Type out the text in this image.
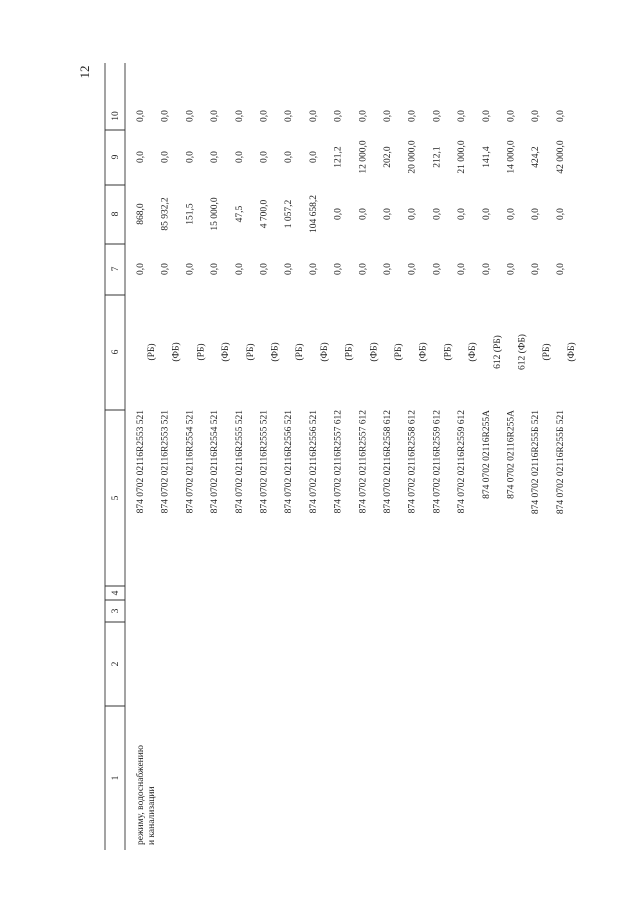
12
1
2
3
4
5
6
7
8
9
10
режиму, водоснабжению и канализации
874 0702 02116R2553 521
(РБ)
0,0
868,0
0,0
0,0
874 0702 02116R2553 521
(ФБ)
0,0
85 932,2
0,0
0,0
874 0702 02116R2554 521
(РБ)
0,0
151,5
0,0
0,0
874 0702 02116R2554 521
(ФБ)
0,0
15 000,0
0,0
0,0
874 0702 02116R2555 521
(РБ)
0,0
47,5
0,0
0,0
874 0702 02116R2555 521
(ФБ)
0,0
4 700,0
0,0
0,0
874 0702 02116R2556 521
(РБ)
0,0
1 057,2
0,0
0,0
874 0702 02116R2556 521
(ФБ)
0,0
104 658,2
0,0
0,0
874 0702 02116R2557 612
(РБ)
0,0
0,0
121,2
0,0
874 0702 02116R2557 612
(ФБ)
0,0
0,0
12 000,0
0,0
874 0702 02116R2558 612
(РБ)
0,0
0,0
202,0
0,0
874 0702 02116R2558 612
(ФБ)
0,0
0,0
20 000,0
0,0
874 0702 02116R2559 612
(РБ)
0,0
0,0
212,1
0,0
874 0702 02116R2559 612
(ФБ)
0,0
0,0
21 000,0
0,0
874 0702 02116R255A
612 (РБ)
0,0
0,0
141,4
0,0
874 0702 02116R255A
612 (ФБ)
0,0
0,0
14 000,0
0,0
874 0702 02116R255Б 521
(РБ)
0,0
0,0
424,2
0,0
874 0702 02116R255Б 521
(ФБ)
0,0
0,0
42 000,0
0,0
